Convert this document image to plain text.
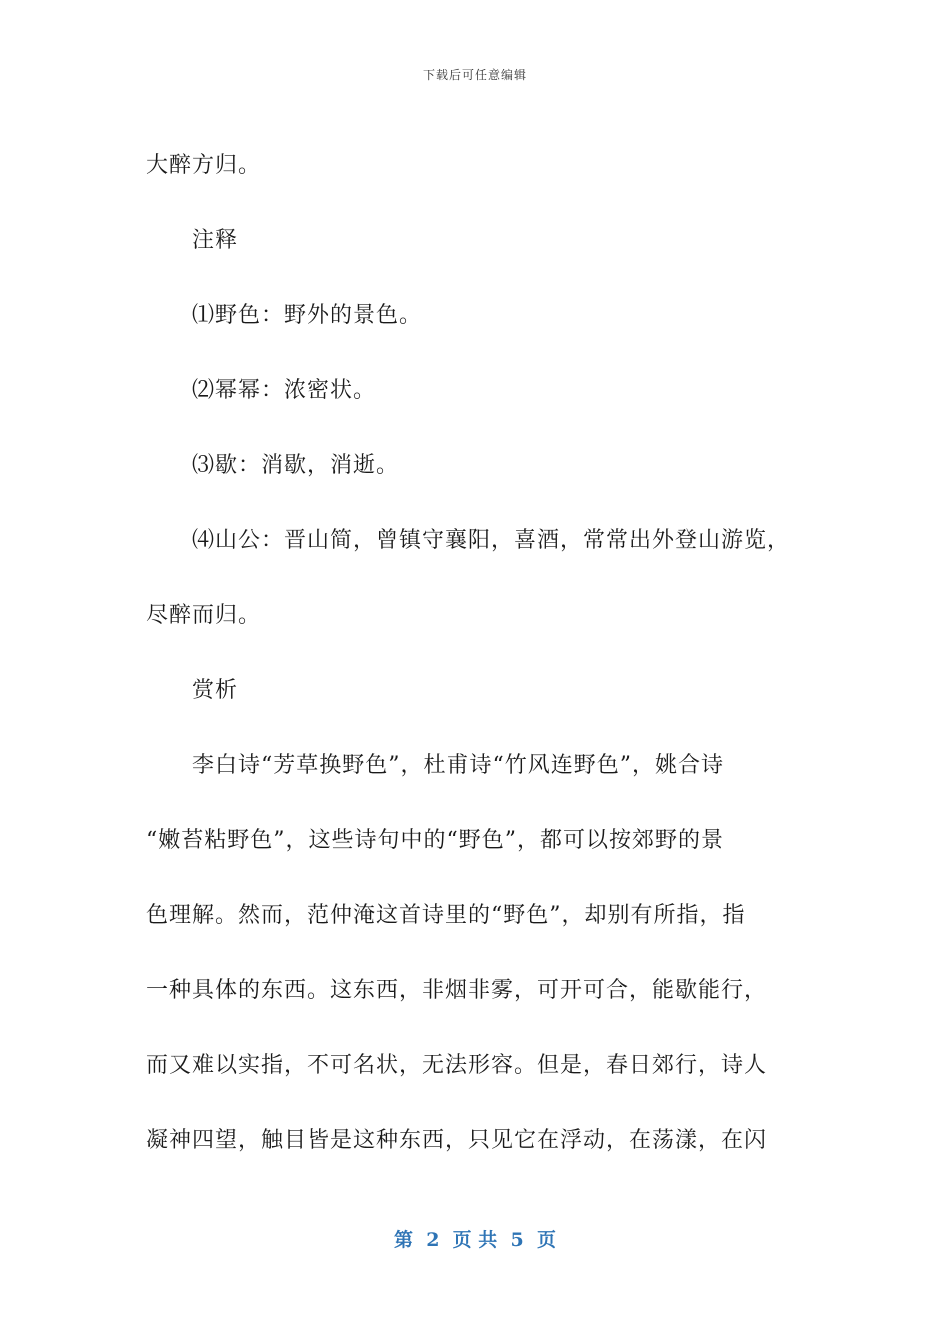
下载后可任意编辑
大醉方归。
注释
⑴野色：野外的景色。
⑵幂幂：浓密状。
⑶歇：消歇，消逝。
⑷山公：晋山简，曾镇守襄阳，喜酒，常常出外登山游览，
尽醉而归。
赏析
李白诗“芳草换野色”，杜甫诗“竹风连野色”，姚合诗
“嫩苔粘野色”，这些诗句中的“野色”，都可以按郊野的景
色理解。然而，范仲淹这首诗里的“野色”，却别有所指，指
一种具体的东西。这东西，非烟非雾，可开可合，能歇能行，
而又难以实指，不可名状，无法形容。但是，春日郊行，诗人
凝神四望，触目皆是这种东西，只见它在浮动，在荡漾，在闪
第  2  页 共  5  页
